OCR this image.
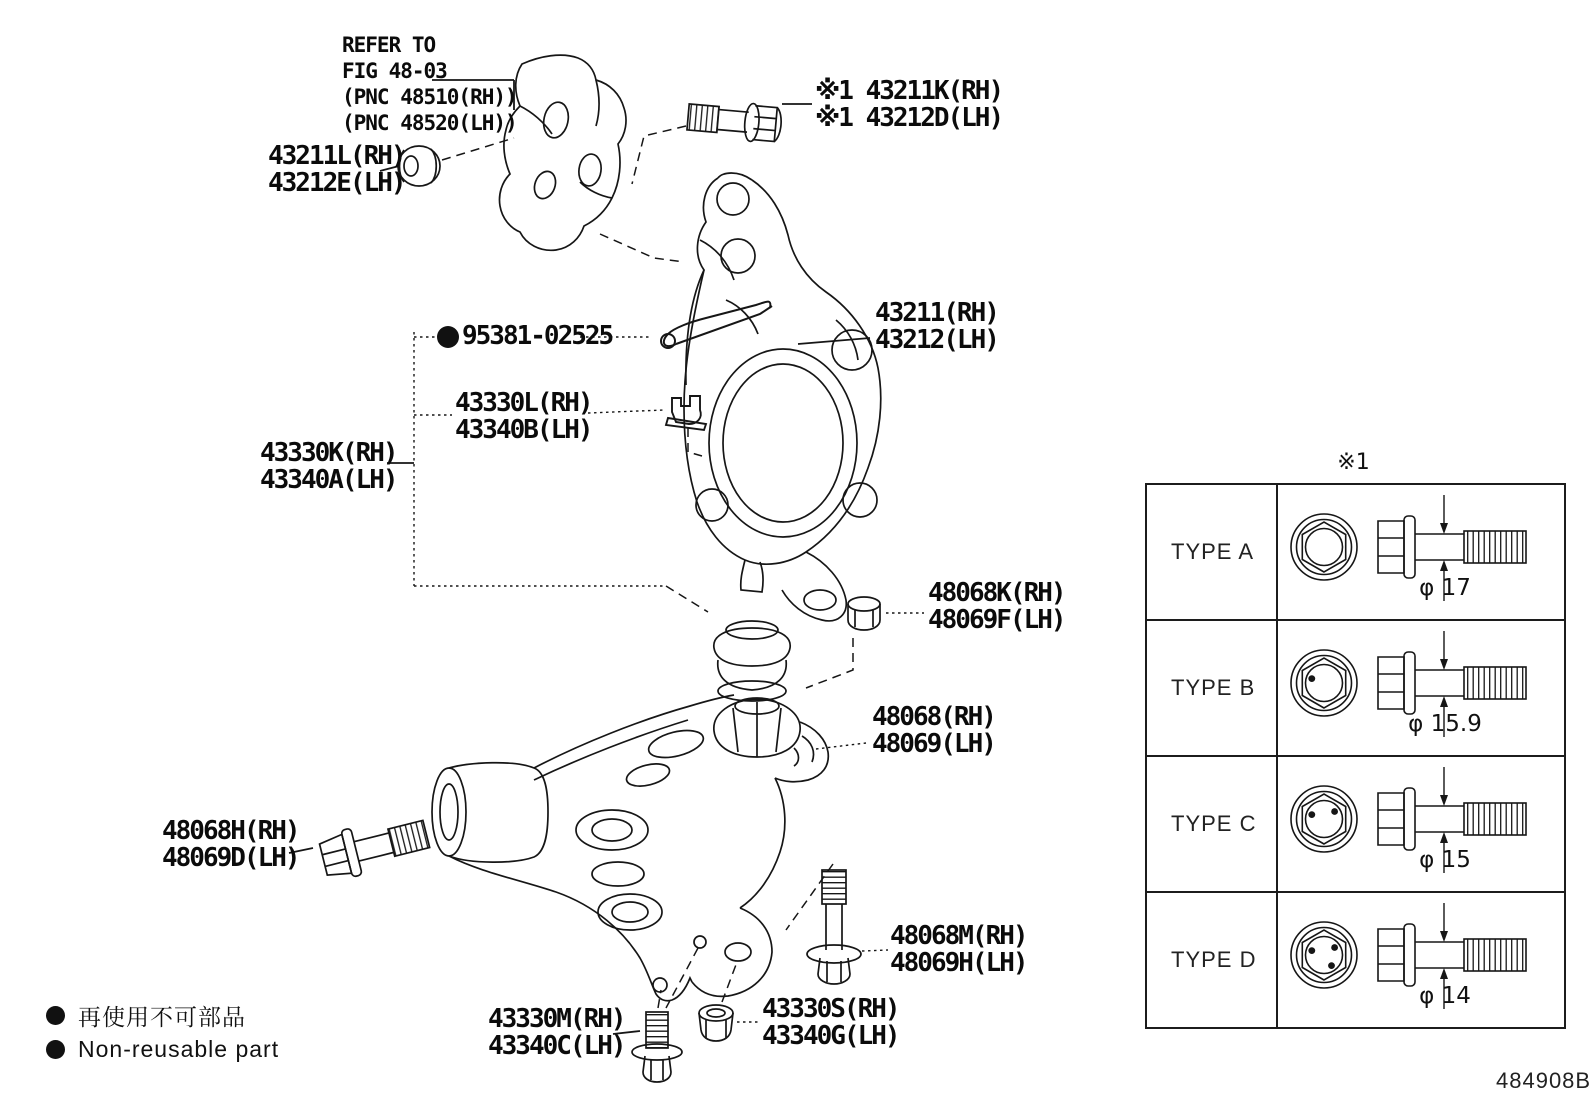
REFER TO
FIG 48-03
(PNC 48510(RH))
(PNC 48520(LH))
43211L(RH)
43212E(LH)
※1 43211K(RH)
※1 43212D(LH)
95381-02525
43330L(RH)
43340B(LH)
43330K(RH)
43340A(LH)
43211(RH)
43212(LH)
48068K(RH)
48069F(LH)
48068(RH)
48069(LH)
48068H(RH)
48069D(LH)
48068M(RH)
48069H(LH)
43330M(RH)
43340C(LH)
43330S(RH)
43340G(LH)
再使用不可部品
Non-reusable part
※1
TYPE A
φ 17
TYPE B
φ 15.9
TYPE C
φ 15
TYPE D
φ 14
484908B
